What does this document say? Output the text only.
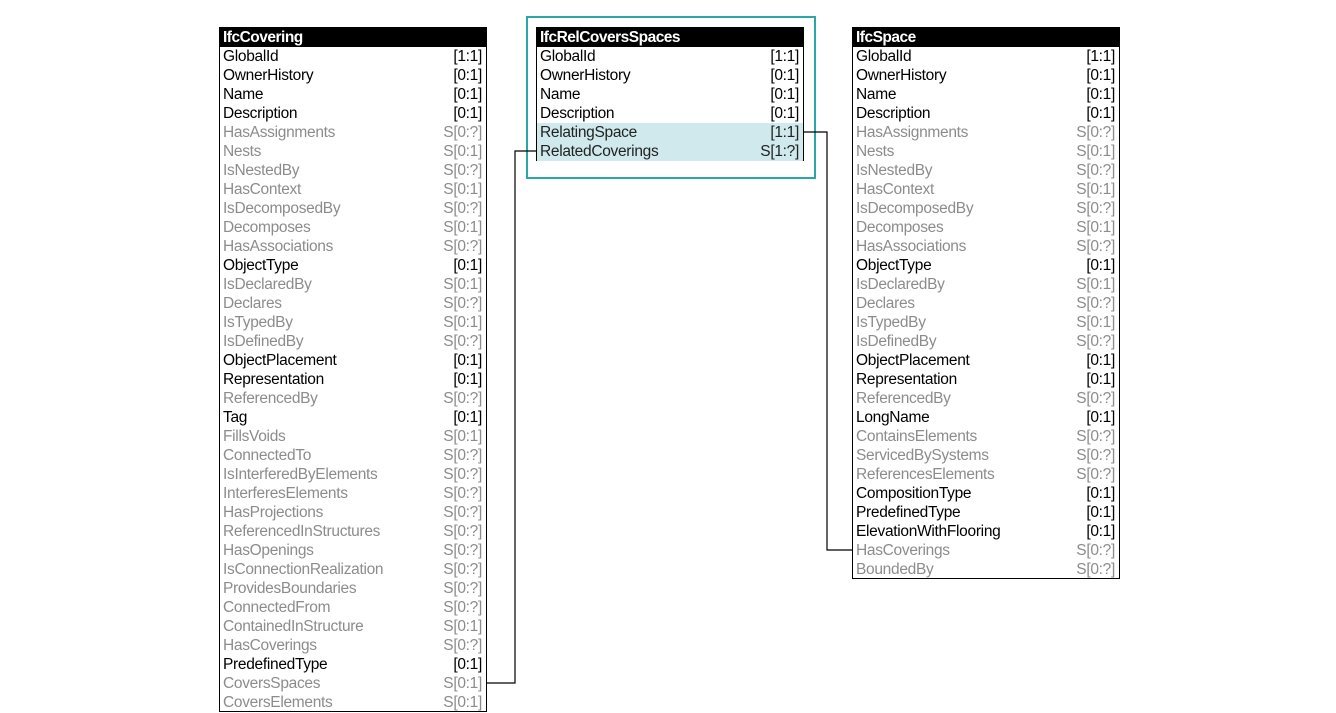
IfcCovering
GlobalId	[1:1]
OwnerHistory	[0:1]
Name	[0:1]
Description	[0:1]
HasAssignments	S[0:?]
Nests	S[0:1]
IsNestedBy	S[0:?]
HasContext	S[0:1]
IsDecomposedBy	S[0:?]
Decomposes	S[0:1]
HasAssociations	S[0:?]
ObjectType	[0:1]
IsDeclaredBy	S[0:1]
Declares	S[0:?]
IsTypedBy	S[0:1]
IsDefinedBy	S[0:?]
ObjectPlacement	[0:1]
Representation	[0:1]
ReferencedBy	S[0:?]
Tag	[0:1]
FillsVoids	S[0:1]
ConnectedTo	S[0:?]
IsInterferedByElements	S[0:?]
InterferesElements	S[0:?]
HasProjections	S[0:?]
ReferencedInStructures	S[0:?]
HasOpenings	S[0:?]
IsConnectionRealization	S[0:?]
ProvidesBoundaries	S[0:?]
ConnectedFrom	S[0:?]
ContainedInStructure	S[0:1]
HasCoverings	S[0:?]
PredefinedType	[0:1]
CoversSpaces	S[0:1]
CoversElements	S[0:1]
IfcRelCoversSpaces
GlobalId	[1:1]
OwnerHistory	[0:1]
Name	[0:1]
Description	[0:1]
RelatingSpace	[1:1]
RelatedCoverings	S[1:?]
IfcSpace
GlobalId	[1:1]
OwnerHistory	[0:1]
Name	[0:1]
Description	[0:1]
HasAssignments	S[0:?]
Nests	S[0:1]
IsNestedBy	S[0:?]
HasContext	S[0:1]
IsDecomposedBy	S[0:?]
Decomposes	S[0:1]
HasAssociations	S[0:?]
ObjectType	[0:1]
IsDeclaredBy	S[0:1]
Declares	S[0:?]
IsTypedBy	S[0:1]
IsDefinedBy	S[0:?]
ObjectPlacement	[0:1]
Representation	[0:1]
ReferencedBy	S[0:?]
LongName	[0:1]
ContainsElements	S[0:?]
ServicedBySystems	S[0:?]
ReferencesElements	S[0:?]
CompositionType	[0:1]
PredefinedType	[0:1]
ElevationWithFlooring	[0:1]
HasCoverings	S[0:?]
BoundedBy	S[0:?]
